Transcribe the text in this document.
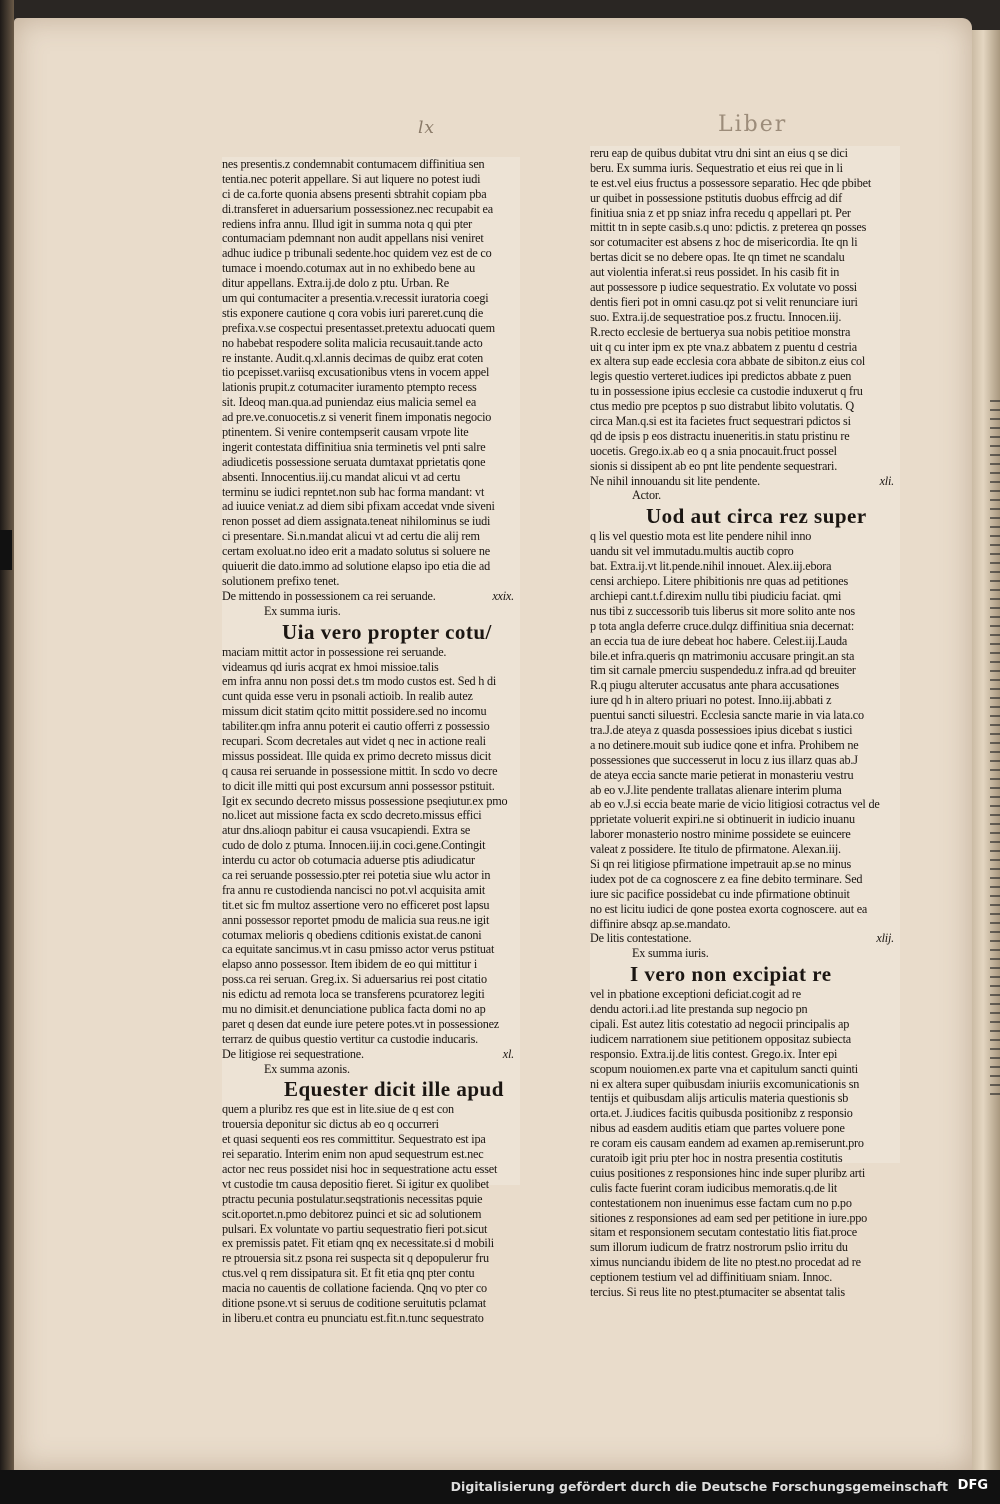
lx	Liber
nes presentis.z condemnabit contumacem diffinitiua sen
tentia.nec poterit appellare. Si aut liquere no potest iudi
ci de ca.forte quonia absens presenti sbtrahit copiam pba
di.transferet in aduersarium possessionez.nec recupabit ea
rediens infra annu. Illud igit in summa nota q qui pter
contumaciam pdemnant non audit appellans nisi veniret
adhuc iudice p tribunali sedente.hoc quidem vez est de co
tumace i moendo.cotumax aut in no exhibedo bene au
ditur appellans. Extra.ij.de dolo z ptu. Urban. Re
um qui contumaciter a presentia.v.recessit iuratoria coegi
stis exponere cautione q cora vobis iuri pareret.cunq die
prefixa.v.se cospectui presentasset.pretextu aduocati quem
no habebat respodere solita malicia recusauit.tande acto
re instante. Audit.q.xl.annis decimas de quibz erat coten
tio pcepisset.variisq excusationibus vtens in vocem appel
lationis prupit.z cotumaciter iuramento ptempto recess
sit. Ideoq man.qua.ad puniendaz eius malicia semel ea
ad pre.ve.conuocetis.z si venerit finem imponatis negocio
ptinentem. Si venire contempserit causam vrpote lite
ingerit contestata diffinitiua snia terminetis vel pnti salre
adiudicetis possessione seruata dumtaxat pprietatis qone
absenti. Innocentius.iij.cu mandat alicui vt ad certu
terminu se iudici repntet.non sub hac forma mandant: vt
ad iuuice veniat.z ad diem sibi pfixam accedat vnde siveni
renon posset ad diem assignata.teneat nihilominus se iudi
ci presentare. Si.n.mandat alicui vt ad certu die alij rem
certam exoluat.no ideo erit a madato solutus si soluere ne
quiuerit die dato.immo ad solutione elapso ipo etia die ad
solutionem prefixo tenet.
De mittendo in possessionem ca rei seruande.	xxix.
Ex summa iuris.
Uia vero propter cotu/
maciam mittit actor in possessione rei seruande.
videamus qd iuris acqrat ex hmoi missioe.talis
em infra annu non possi det.s tm modo custos est. Sed h di
cunt quida esse veru in psonali actioib. In realib autez
missum dicit statim qcito mittit possidere.sed no incomu
tabiliter.qm infra annu poterit ei cautio offerri z possessio
recupari. Scom decretales aut videt q nec in actione reali
missus possideat. Ille quida ex primo decreto missus dicit
q causa rei seruande in possessione mittit. In scdo vo decre
to dicit ille mitti qui post excursum anni possessor pstituit.
Igit ex secundo decreto missus possessione pseqiutur.ex pmo
no.licet aut missione facta ex scdo decreto.missus effici
atur dns.alioqn pabitur ei causa vsucapiendi. Extra se
cudo de dolo z ptuma. Innocen.iij.in coci.gene.Contingit
interdu cu actor ob cotumacia aduerse ptis adiudicatur
ca rei seruande possessio.pter rei potetia siue wlu actor in
fra annu re custodienda nancisci no pot.vl acquisita amit
tit.et sic fm multoz assertione vero no efficeret post lapsu
anni possessor reportet pmodu de malicia sua reus.ne igit
cotumax melioris q obediens cditionis existat.de canoni
ca equitate sancimus.vt in casu pmisso actor verus pstituat
elapso anno possessor. Item ibidem de eo qui mittitur i
poss.ca rei seruan. Greg.ix. Si aduersarius rei post citatio
nis edictu ad remota loca se transferens pcuratorez legiti
mu no dimisit.et denunciatione publica facta domi no ap
paret q desen dat eunde iure petere potes.vt in possessionez
terrarz de quibus questio vertitur ca custodie inducaris.
De litigiose rei sequestratione.	xl.
Ex summa azonis.
Equester dicit ille apud
quem a pluribz res que est in lite.siue de q est con
trouersia deponitur sic dictus ab eo q occurreri
et quasi sequenti eos res committitur. Sequestrato est ipa
rei separatio. Interim enim non apud sequestrum est.nec
actor nec reus possidet nisi hoc in sequestratione actu esset
vt custodie tm causa depositio fieret. Si igitur ex quolibet
ptractu pecunia postulatur.seqstrationis necessitas pquie
scit.oportet.n.pmo debitorez puinci et sic ad solutionem
pulsari. Ex voluntate vo partiu sequestratio fieri pot.sicut
ex premissis patet. Fit etiam qnq ex necessitate.si d mobili
re ptrouersia sit.z psona rei suspecta sit q depopulerur fru
ctus.vel q rem dissipatura sit. Et fit etia qnq pter contu
macia no cauentis de collatione facienda. Qnq vo pter co
ditione psone.vt si seruus de coditione seruitutis pclamat
in liberu.et contra eu pnunciatu est.fit.n.tunc sequestrato
reru eap de quibus dubitat vtru dni sint an eius q se dici
beru. Ex summa iuris. Sequestratio et eius rei que in li
te est.vel eius fructus a possessore separatio. Hec qde pbibet
ur quibet in possessione pstitutis duobus effrcig ad dif
finitiua snia z et pp sniaz infra recedu q appellari pt. Per
mittit tn in septe casib.s.q uno: pdictis. z preterea qn posses
sor cotumaciter est absens z hoc de misericordia. Ite qn li
bertas dicit se no debere opas. Ite qn timet ne scandalu
aut violentia inferat.si reus possidet. In his casib fit in
aut possessore p iudice sequestratio. Ex volutate vo possi
dentis fieri pot in omni casu.qz pot si velit renunciare iuri
suo. Extra.ij.de sequestratioe pos.z fructu. Innocen.iij.
R.recto ecclesie de bertuerya sua nobis petitioe monstra
uit q cu inter ipm ex pte vna.z abbatem z puentu d cestria
ex altera sup eade ecclesia cora abbate de sibiton.z eius col
legis questio verteret.iudices ipi predictos abbate z puen
tu in possessione ipius ecclesie ca custodie induxerut q fru
ctus medio pre pceptos p suo distrabut libito volutatis. Q
circa Man.q.si est ita facietes fruct sequestrari pdictos si
qd de ipsis p eos distractu inueneritis.in statu pristinu re
uocetis. Grego.ix.ab eo q a snia pnocauit.fruct possel
sionis si dissipent ab eo pnt lite pendente sequestrari.
Ne nihil innouandu sit lite pendente.	xli.
Actor.
Uod aut circa rez super
q lis vel questio mota est lite pendere nihil inno
uandu sit vel immutadu.multis auctib copro
bat. Extra.ij.vt lit.pende.nihil innouet. Alex.iij.ebora
censi archiepo. Litere phibitionis nre quas ad petitiones
archiepi cant.t.f.direxim nullu tibi piudiciu faciat. qmi
nus tibi z successorib tuis liberus sit more solito ante nos
p tota angla deferre cruce.dulqz diffinitiua snia decernat:
an eccia tua de iure debeat hoc habere. Celest.iij.Lauda
bile.et infra.queris qn matrimoniu accusare pringit.an sta
tim sit carnale pmerciu suspendedu.z infra.ad qd breuiter
R.q piugu alteruter accusatus ante phara accusationes
iure qd h in altero priuari no potest. Inno.iij.abbati z
puentui sancti siluestri. Ecclesia sancte marie in via lata.co
tra.J.de ateya z quasda possessioes ipius dicebat s iustici
a no detinere.mouit sub iudice qone et infra. Prohibem ne
possessiones que successerut in locu z ius illarz quas ab.J
de ateya eccia sancte marie petierat in monasteriu vestru
ab eo v.J.lite pendente trallatas alienare interim pluma
ab eo v.J.si eccia beate marie de vicio litigiosi cotractus vel de
pprietate voluerit expiri.ne si obtinuerit in iudicio inuanu
laborer monasterio nostro minime possidete se euincere
valeat z possidere. Ite titulo de pfirmatone. Alexan.iij.
Si qn rei litigiose pfirmatione impetrauit ap.se no minus
iudex pot de ca cognoscere z ea fine debito terminare. Sed
iure sic pacifice possidebat cu inde pfirmatione obtinuit
no est licitu iudici de qone postea exorta cognoscere. aut ea
diffinire absqz ap.se.mandato.
De litis contestatione.	xlij.
Ex summa iuris.
I vero non excipiat re
vel in pbatione exceptioni deficiat.cogit ad re
dendu actori.i.ad lite prestanda sup negocio pn
cipali. Est autez litis cotestatio ad negocii principalis ap
iudicem narrationem siue petitionem oppositaz subiecta
responsio. Extra.ij.de litis contest. Grego.ix. Inter epi
scopum nouiomen.ex parte vna et capitulum sancti quinti
ni ex altera super quibusdam iniuriis excomunicationis sn
tentijs et quibusdam alijs articulis materia questionis sb
orta.et. J.iudices facitis quibusda positionibz z responsio
nibus ad easdem auditis etiam que partes voluere pone
re coram eis causam eandem ad examen ap.remiserunt.pro
curatoib igit priu pter hoc in nostra presentia costitutis
cuius positiones z responsiones hinc inde super pluribz arti
culis facte fuerint coram iudicibus memoratis.q.de lit
contestationem non inuenimus esse factam cum no p.po
sitiones z responsiones ad eam sed per petitione in iure.ppo
sitam et responsionem secutam contestatio litis fiat.proce
sum illorum iudicum de fratrz nostrorum pslio irritu du
ximus nunciandu ibidem de lite no ptest.no procedat ad re
ceptionem testium vel ad diffinitiuam sniam. Innoc.
tercius. Si reus lite no ptest.ptumaciter se absentat talis
Digitalisierung gefördert durch die Deutsche Forschungsgemeinschaft DFG
